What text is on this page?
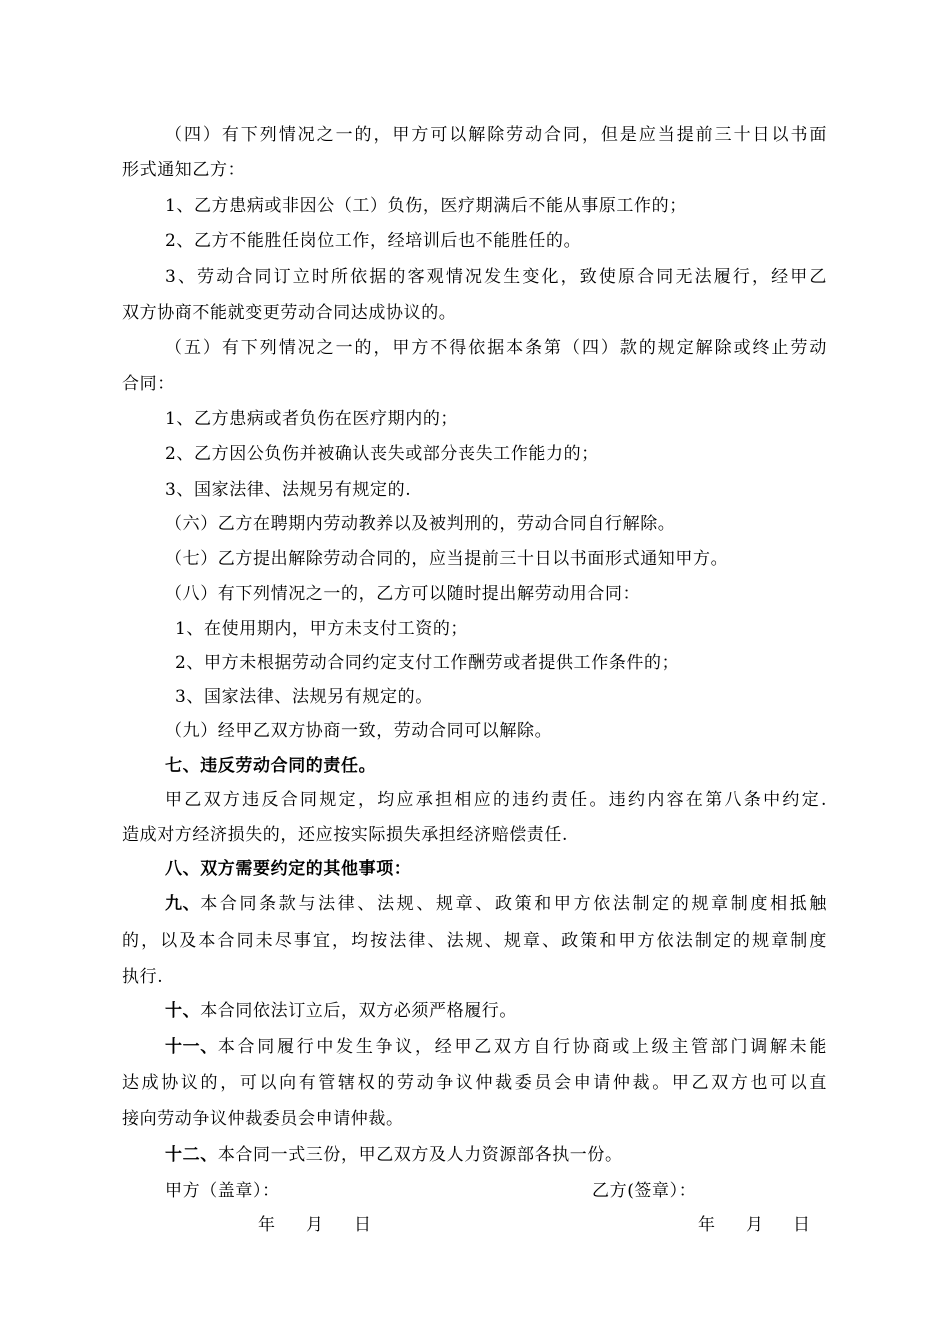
（四）有下列情况之一的，甲方可以解除劳动合同，但是应当提前三十日以书面
形式通知乙方：
1、乙方患病或非因公（工）负伤，医疗期满后不能从事原工作的；
2、乙方不能胜任岗位工作，经培训后也不能胜任的。
3、劳动合同订立时所依据的客观情况发生变化，致使原合同无法履行，经甲乙
双方协商不能就变更劳动合同达成协议的。
（五）有下列情况之一的，甲方不得依据本条第（四）款的规定解除或终止劳动
合同：
1、乙方患病或者负伤在医疗期内的；
2、乙方因公负伤并被确认丧失或部分丧失工作能力的；
3、国家法律、法规另有规定的.
（六）乙方在聘期内劳动教养以及被判刑的，劳动合同自行解除。
（七）乙方提出解除劳动合同的，应当提前三十日以书面形式通知甲方。
（八）有下列情况之一的，乙方可以随时提出解劳动用合同：
1、在使用期内，甲方未支付工资的；
2、甲方未根据劳动合同约定支付工作酬劳或者提供工作条件的；
3、国家法律、法规另有规定的。
（九）经甲乙双方协商一致，劳动合同可以解除。
七、违反劳动合同的责任。
甲乙双方违反合同规定，均应承担相应的违约责任。违约内容在第八条中约定.
造成对方经济损失的，还应按实际损失承担经济赔偿责任.
八、双方需要约定的其他事项：
九、 本合同条款与法律、法规、规章、政策和甲方依法制定的规章制度相抵触
的，以及本合同未尽事宜，均按法律、法规、规章、政策和甲方依法制定的规章制度
执行.
十、本合同依法订立后，双方必须严格履行。
十一、 本合同履行中发生争议，经甲乙双方自行协商或上级主管部门调解未能
达成协议的，可以向有管辖权的劳动争议仲裁委员会申请仲裁。甲乙双方也可以直
接向劳动争议仲裁委员会申请仲裁。
十二、本合同一式三份，甲乙双方及人力资源部各执一份。
甲方（盖章）：	乙方(签章）：
年 月 日	年 月 日
